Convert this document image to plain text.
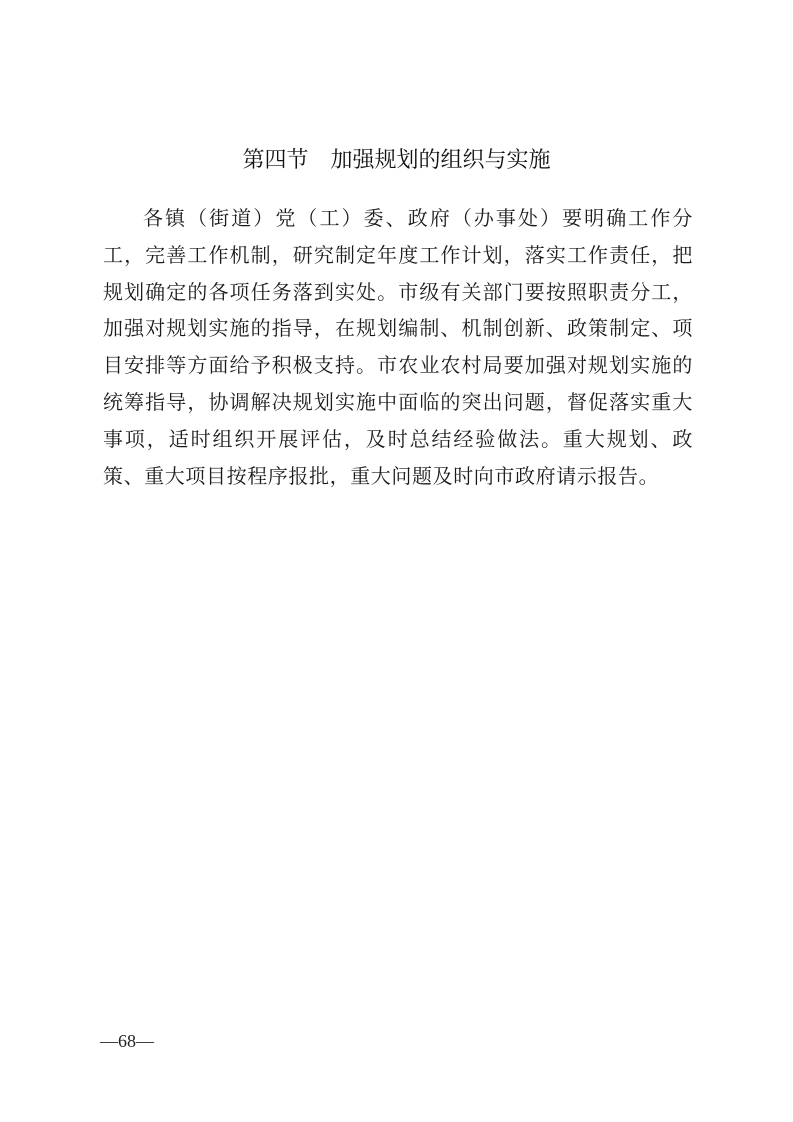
第四节　加强规划的组织与实施

各镇（街道）党（工）委、政府（办事处）要明确工作分工，完善工作机制，研究制定年度工作计划，落实工作责任，把规划确定的各项任务落到实处。市级有关部门要按照职责分工，加强对规划实施的指导，在规划编制、机制创新、政策制定、项目安排等方面给予积极支持。市农业农村局要加强对规划实施的统筹指导，协调解决规划实施中面临的突出问题，督促落实重大事项，适时组织开展评估，及时总结经验做法。重大规划、政策、重大项目按程序报批，重大问题及时向市政府请示报告。

—68—
